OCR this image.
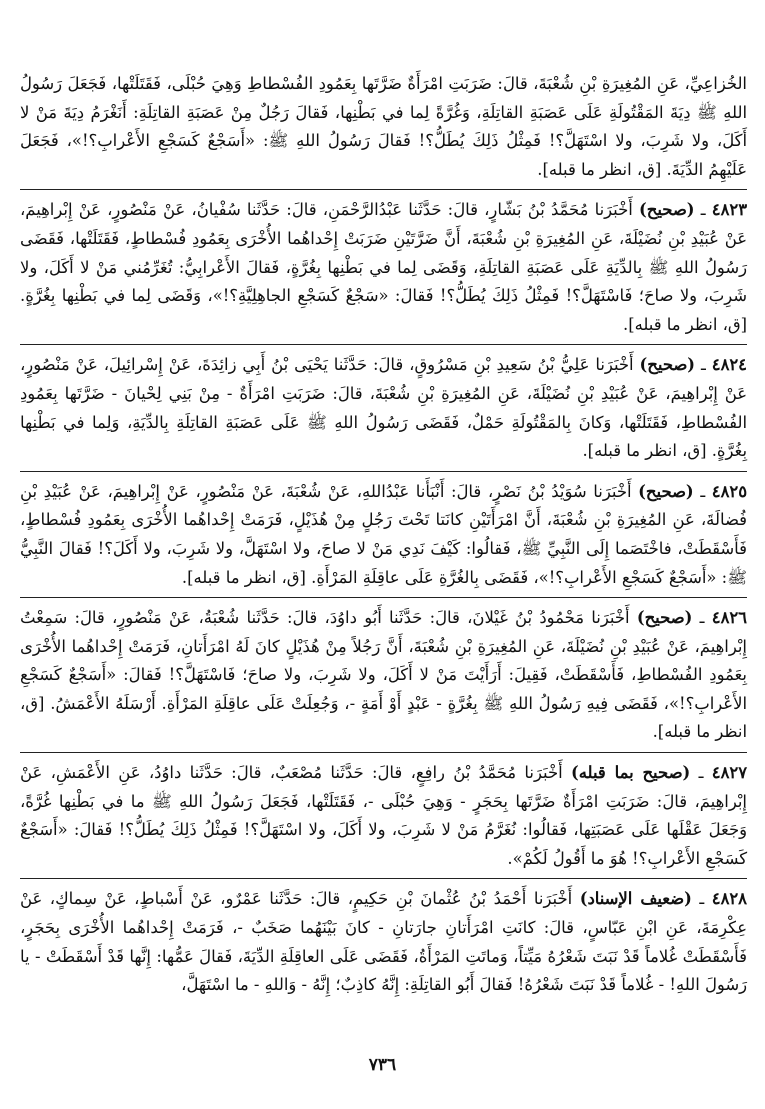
الخُزاعِيِّ، عَنِ المُغِيرَةِ بْنِ شُعْبَةَ، قالَ: ضَرَبَتِ امْرَأَةٌ ضَرَّتَها بِعَمُودِ الفُسْطاطِ وَهِيَ حُبْلَى، فَقَتَلَتْها، فَجَعَلَ رَسُولُ اللهِ ﷺ دِيَةَ المَقْتُولَةِ عَلَى عَصَبَةِ القاتِلَةِ، وَغُرَّةً لِما في بَطْنِها، فَقالَ رَجُلٌ مِنْ عَصَبَةِ القاتِلَةِ: أَنَغْرَمُ دِيَةَ مَنْ لا أَكَلَ، ولا شَرِبَ، ولا اسْتَهَلَّ؟! فَمِثْلُ ذَلِكَ يُطَلُّ؟! فَقالَ رَسُولُ اللهِ ﷺ: «أَسَجْعٌ كَسَجْعِ الأَعْرابِ؟!»، فَجَعَلَ عَلَيْهِمُ الدِّيَةَ. [ق، انظر ما قبله].

٤٨٢٣ ـ (صحيح) أَخْبَرَنا مُحَمَّدُ بْنُ بَشّارٍ، قالَ: حَدَّثَنا عَبْدُالرَّحْمَنِ، قالَ: حَدَّثَنا سُفْيانُ، عَنْ مَنْصُورٍ، عَنْ إِبْراهِيمَ، عَنْ عُبَيْدِ بْنِ نُضَيْلَةَ، عَنِ المُغِيرَةِ بْنِ شُعْبَةَ، أَنَّ ضَرَّتَيْنِ ضَرَبَتْ إِحْداهُما الأُخْرَى بِعَمُودِ فُسْطاطٍ، فَقَتَلَتْها، فَقَضَى رَسُولُ اللهِ ﷺ بِالدِّيَةِ عَلَى عَصَبَةِ القاتِلَةِ، وَقَضَى لِما في بَطْنِها بِغُرَّةٍ، فَقالَ الأَعْرابِيُّ: تُغَرِّمُني مَنْ لا أَكَلَ، ولا شَرِبَ، ولا صاحَ؛ فَاسْتَهَلَّ؟! فَمِثْلُ ذَلِكَ يُطَلُّ؟! فَقالَ: «سَجْعٌ كَسَجْعِ الجاهِلِيَّةِ؟!»، وَقَضَى لِما في بَطْنِها بِغُرَّةٍ. [ق، انظر ما قبله].

٤٨٢٤ ـ (صحيح) أَخْبَرَنا عَلِيُّ بْنُ سَعِيدِ بْنِ مَسْرُوقٍ، قالَ: حَدَّثَنا يَحْيَى بْنُ أَبِي زائِدَةَ، عَنْ إِسْرائِيلَ، عَنْ مَنْصُورٍ، عَنْ إِبْراهِيمَ، عَنْ عُبَيْدِ بْنِ نُضَيْلَةَ، عَنِ المُغِيرَةِ بْنِ شُعْبَةَ، قالَ: ضَرَبَتِ امْرَأَةٌ - مِنْ بَنِي لِحْيانَ - ضَرَّتَها بِعَمُودِ الفُسْطاطِ، فَقَتَلَتْها، وَكانَ بِالمَقْتُولَةِ حَمْلٌ، فَقَضَى رَسُولُ اللهِ ﷺ عَلَى عَصَبَةِ القاتِلَةِ بِالدِّيَةِ، وَلِما في بَطْنِها بِغُرَّةٍ. [ق، انظر ما قبله].

٤٨٢٥ ـ (صحيح) أَخْبَرَنا سُوَيْدُ بْنُ نَصْرٍ، قالَ: أَنْبَأَنا عَبْدُاللهِ، عَنْ شُعْبَةَ، عَنْ مَنْصُورٍ، عَنْ إِبْراهِيمَ، عَنْ عُبَيْدِ بْنِ فُضالَةَ، عَنِ المُغِيرَةِ بْنِ شُعْبَةَ، أَنَّ امْرَأَتَيْنِ كانَتا تَحْتَ رَجُلٍ مِنْ هُذَيْلٍ، فَرَمَتْ إِحْداهُما الأُخْرَى بِعَمُودِ فُسْطاطٍ، فَأَسْقَطَتْ، فاخْتَصَما إِلَى النَّبِيِّ ﷺ، فَقالُوا: كَيْفَ نَدِي مَنْ لا صاحَ، ولا اسْتَهَلَّ، ولا شَرِبَ، ولا أَكَلَ؟! فَقالَ النَّبِيُّ ﷺ: «أَسَجْعٌ كَسَجْعِ الأَعْرابِ؟!»، فَقَضَى بِالغُرَّةِ عَلَى عاقِلَةِ المَرْأَةِ. [ق، انظر ما قبله].

٤٨٢٦ ـ (صحيح) أَخْبَرَنا مَحْمُودُ بْنُ غَيْلانَ، قالَ: حَدَّثَنا أَبُو داوُدَ، قالَ: حَدَّثَنا شُعْبَةُ، عَنْ مَنْصُورٍ، قالَ: سَمِعْتُ إِبْراهِيمَ، عَنْ عُبَيْدِ بْنِ نُضَيْلَةَ، عَنِ المُغِيرَةِ بْنِ شُعْبَةَ، أَنَّ رَجُلاً مِنْ هُذَيْلٍ كانَ لَهُ امْرَأَتانِ، فَرَمَتْ إِحْداهُما الأُخْرَى بِعَمُودِ الفُسْطاطِ، فَأَسْقَطَتْ، فَقِيلَ: أَرَأَيْتَ مَنْ لا أَكَلَ، ولا شَرِبَ، ولا صاحَ؛ فَاسْتَهَلَّ؟! فَقالَ: «أَسَجْعٌ كَسَجْعِ الأَعْرابِ؟!»، فَقَضَى فِيهِ رَسُولُ اللهِ ﷺ بِغُرَّةٍ - عَبْدٍ أَوْ أَمَةٍ -، وَجُعِلَتْ عَلَى عاقِلَةِ المَرْأَةِ. أَرْسَلَهُ الأَعْمَشُ. [ق، انظر ما قبله].

٤٨٢٧ ـ (صحيح بما قبله) أَخْبَرَنا مُحَمَّدُ بْنُ رافِعٍ، قالَ: حَدَّثَنا مُصْعَبٌ، قالَ: حَدَّثَنا داوُدُ، عَنِ الأَعْمَشِ، عَنْ إِبْراهِيمَ، قالَ: ضَرَبَتِ امْرَأَةٌ ضَرَّتَها بِحَجَرٍ - وَهِيَ حُبْلَى -، فَقَتَلَتْها، فَجَعَلَ رَسُولُ اللهِ ﷺ ما في بَطْنِها غُرَّةً، وَجَعَلَ عَقْلَها عَلَى عَصَبَتِها، فَقالُوا: نُغَرَّمُ مَنْ لا شَرِبَ، ولا أَكَلَ، ولا اسْتَهَلَّ؟! فَمِثْلُ ذَلِكَ يُطَلُّ؟! فَقالَ: «أَسَجْعٌ كَسَجْعِ الأَعْرابِ؟! هُوَ ما أَقُولُ لَكُمْ».

٤٨٢٨ ـ (ضعيف الإسناد) أَخْبَرَنا أَحْمَدُ بْنُ عُثْمانَ بْنِ حَكِيمٍ، قالَ: حَدَّثَنا عَمْرٌو، عَنْ أَسْباطٍ، عَنْ سِماكٍ، عَنْ عِكْرِمَةَ، عَنِ ابْنِ عَبّاسٍ، قالَ: كانَتِ امْرَأَتانِ جارَتانِ - كانَ بَيْنَهُما صَخَبٌ -، فَرَمَتْ إِحْداهُما الأُخْرَى بِحَجَرٍ، فَأَسْقَطَتْ غُلاماً قَدْ نَبَتَ شَعْرُهُ مَيِّتاً، وَماتَتِ المَرْأَةُ، فَقَضَى عَلَى العاقِلَةِ الدِّيَةَ، فَقالَ عَمُّها: إِنَّها قَدْ أَسْقَطَتْ - يا رَسُولَ اللهِ! - غُلاماً قَدْ نَبَتَ شَعْرُهُ! فَقالَ أَبُو القاتِلَةِ: إِنَّهُ كاذِبٌ؛ إِنَّهُ - وَاللهِ - ما اسْتَهَلَّ،

٧٣٦
